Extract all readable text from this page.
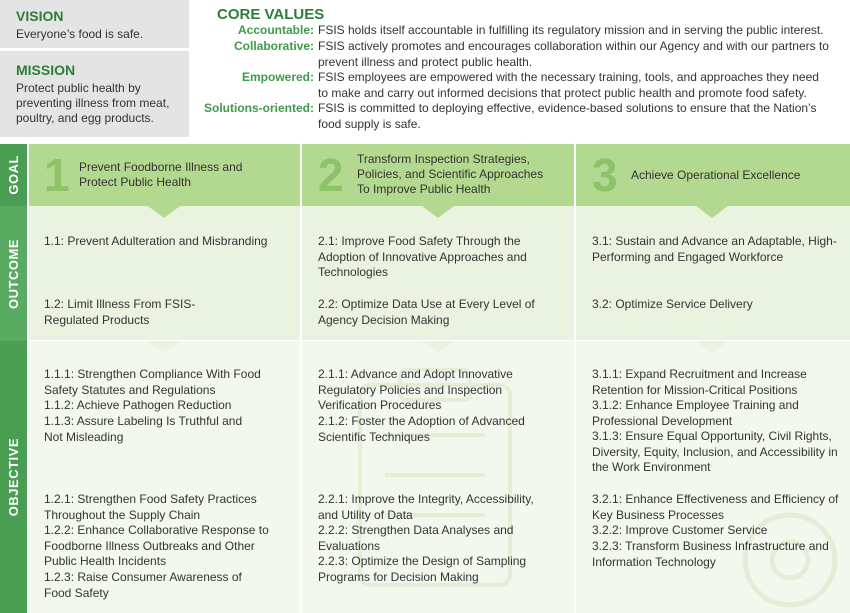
VISION
Everyone’s food is safe.
MISSION
Protect public health by preventing illness from meat, poultry, and egg products.
CORE VALUES
Accountable: FSIS holds itself accountable in fulfilling its regulatory mission and in serving the public interest.
Collaborative: FSIS actively promotes and encourages collaboration within our Agency and with our partners to prevent illness and protect public health.
Empowered: FSIS employees are empowered with the necessary training, tools, and approaches they need to make and carry out informed decisions that protect public health and promote food safety.
Solutions-oriented: FSIS is committed to deploying effective, evidence-based solutions to ensure that the Nation’s food supply is safe.
GOAL
OUTCOME
OBJECTIVE
1 Prevent Foodborne Illness and Protect Public Health	2 Transform Inspection Strategies, Policies, and Scientific Approaches To Improve Public Health	3 Achieve Operational Excellence
1.1: Prevent Adulteration and Misbranding
1.2: Limit Illness From FSIS-Regulated Products
2.1: Improve Food Safety Through the Adoption of Innovative Approaches and Technologies
2.2: Optimize Data Use at Every Level of Agency Decision Making
3.1: Sustain and Advance an Adaptable, High-Performing and Engaged Workforce
3.2: Optimize Service Delivery
1.1.1: Strengthen Compliance With Food Safety Statutes and Regulations
1.1.2: Achieve Pathogen Reduction
1.1.3: Assure Labeling Is Truthful and Not Misleading
1.2.1: Strengthen Food Safety Practices Throughout the Supply Chain
1.2.2: Enhance Collaborative Response to Foodborne Illness Outbreaks and Other Public Health Incidents
1.2.3: Raise Consumer Awareness of Food Safety
2.1.1: Advance and Adopt Innovative Regulatory Policies and Inspection Verification Procedures
2.1.2: Foster the Adoption of Advanced Scientific Techniques
2.2.1: Improve the Integrity, Accessibility, and Utility of Data
2.2.2: Strengthen Data Analyses and Evaluations
2.2.3: Optimize the Design of Sampling Programs for Decision Making
3.1.1: Expand Recruitment and Increase Retention for Mission-Critical Positions
3.1.2: Enhance Employee Training and Professional Development
3.1.3: Ensure Equal Opportunity, Civil Rights, Diversity, Equity, Inclusion, and Accessibility in the Work Environment
3.2.1: Enhance Effectiveness and Efficiency of Key Business Processes
3.2.2: Improve Customer Service
3.2.3: Transform Business Infrastructure and Information Technology
